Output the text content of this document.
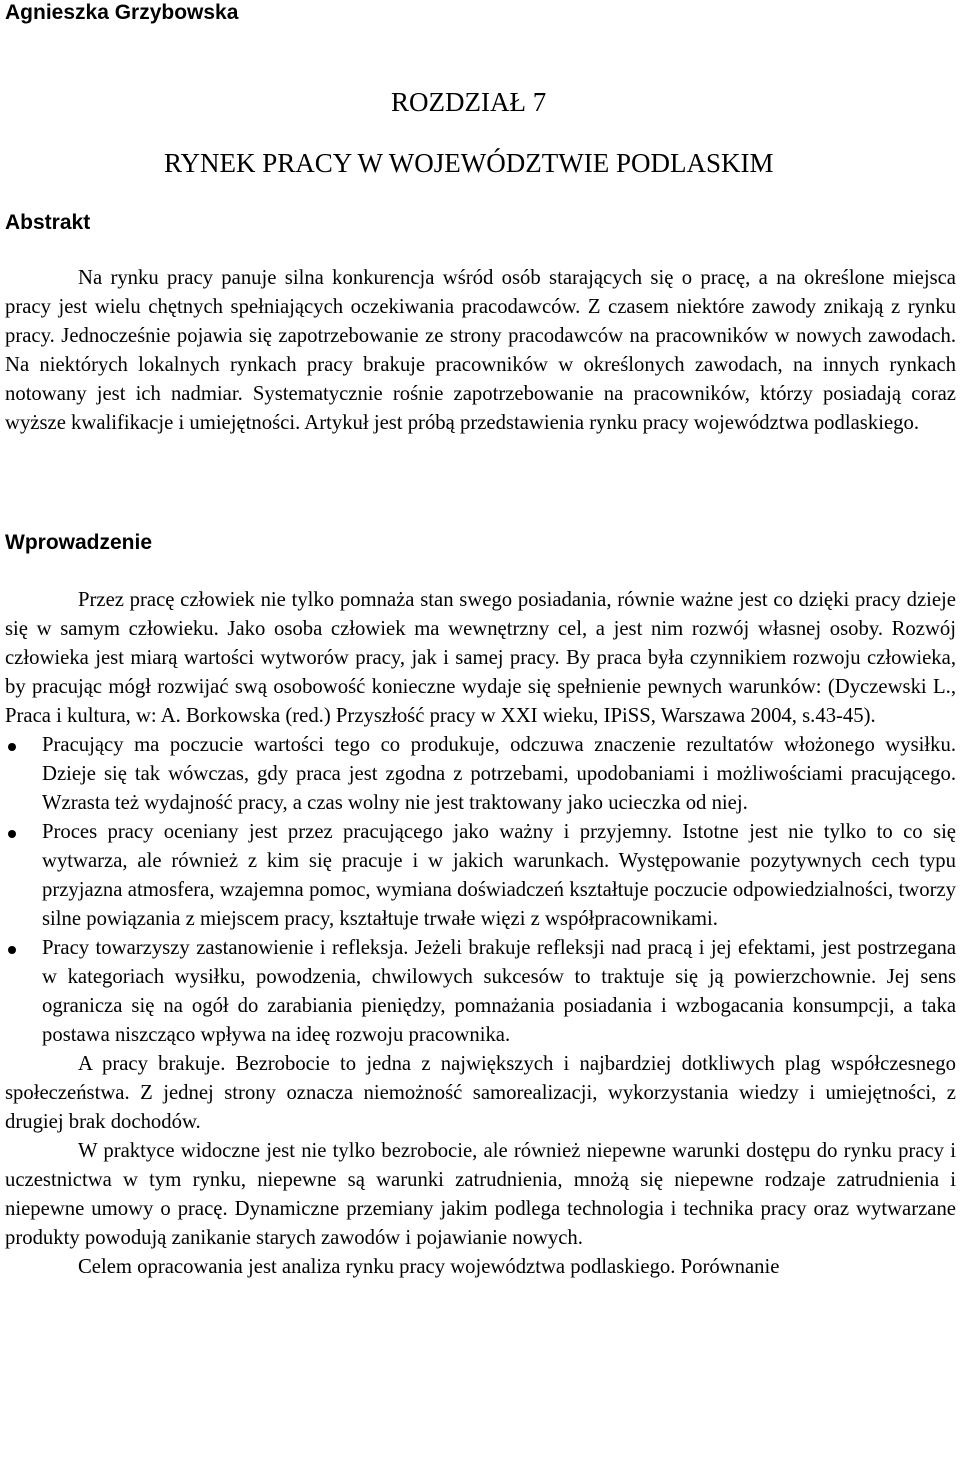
Agnieszka Grzybowska
ROZDZIAŁ 7
RYNEK PRACY W WOJEWÓDZTWIE PODLASKIM
Abstrakt

Na rynku pracy panuje silna konkurencja wśród osób starających się o pracę, a na określone miejsca pracy jest wielu chętnych spełniających oczekiwania pracodawców. Z czasem niektóre zawody znikają z rynku pracy. Jednocześnie pojawia się zapotrzebowanie ze strony pracodawców na pracowników w nowych zawodach. Na niektórych lokalnych rynkach pracy brakuje pracowników w określonych zawodach, na innych rynkach notowany jest ich nadmiar. Systematycznie rośnie zapotrzebowanie na pracowników, którzy posiadają coraz wyższe kwalifikacje i umiejętności. Artykuł jest próbą przedstawienia rynku pracy województwa podlaskiego.

Wprowadzenie

Przez pracę człowiek nie tylko pomnaża stan swego posiadania, równie ważne jest co dzięki pracy dzieje się w samym człowieku. Jako osoba człowiek ma wewnętrzny cel, a jest nim rozwój własnej osoby. Rozwój człowieka jest miarą wartości wytworów pracy, jak i samej pracy. By praca była czynnikiem rozwoju człowieka, by pracując mógł rozwijać swą osobowość konieczne wydaje się spełnienie pewnych warunków: (Dyczewski L., Praca i kultura, w: A. Borkowska (red.) Przyszłość pracy w XXI wieku, IPiSS, Warszawa 2004, s.43-45).

Pracujący ma poczucie wartości tego co produkuje, odczuwa znaczenie rezultatów włożonego wysiłku. Dzieje się tak wówczas, gdy praca jest zgodna z potrzebami, upodobaniami i możliwościami pracującego. Wzrasta też wydajność pracy, a czas wolny nie jest traktowany jako ucieczka od niej.
Proces pracy oceniany jest przez pracującego jako ważny i przyjemny. Istotne jest nie tylko to co się wytwarza, ale również z kim się pracuje i w jakich warunkach. Występowanie pozytywnych cech typu przyjazna atmosfera, wzajemna pomoc, wymiana doświadczeń kształtuje poczucie odpowiedzialności, tworzy silne powiązania z miejscem pracy, kształtuje trwałe więzi z współpracownikami.
Pracy towarzyszy zastanowienie i refleksja. Jeżeli brakuje refleksji nad pracą i jej efektami, jest postrzegana w kategoriach wysiłku, powodzenia, chwilowych sukcesów to traktuje się ją powierzchownie. Jej sens ogranicza się na ogół do zarabiania pieniędzy, pomnażania posiadania i wzbogacania konsumpcji, a taka postawa niszcząco wpływa na ideę rozwoju pracownika.

A pracy brakuje. Bezrobocie to jedna z największych i najbardziej dotkliwych plag współczesnego społeczeństwa. Z jednej strony oznacza niemożność samorealizacji, wykorzystania wiedzy i umiejętności, z drugiej brak dochodów.

W praktyce widoczne jest nie tylko bezrobocie, ale również niepewne warunki dostępu do rynku pracy i uczestnictwa w tym rynku, niepewne są warunki zatrudnienia, mnożą się niepewne rodzaje zatrudnienia i niepewne umowy o pracę. Dynamiczne przemiany jakim podlega technologia i technika pracy oraz wytwarzane produkty powodują zanikanie starych zawodów i pojawianie nowych.

Celem opracowania jest analiza rynku pracy województwa podlaskiego. Porównanie
